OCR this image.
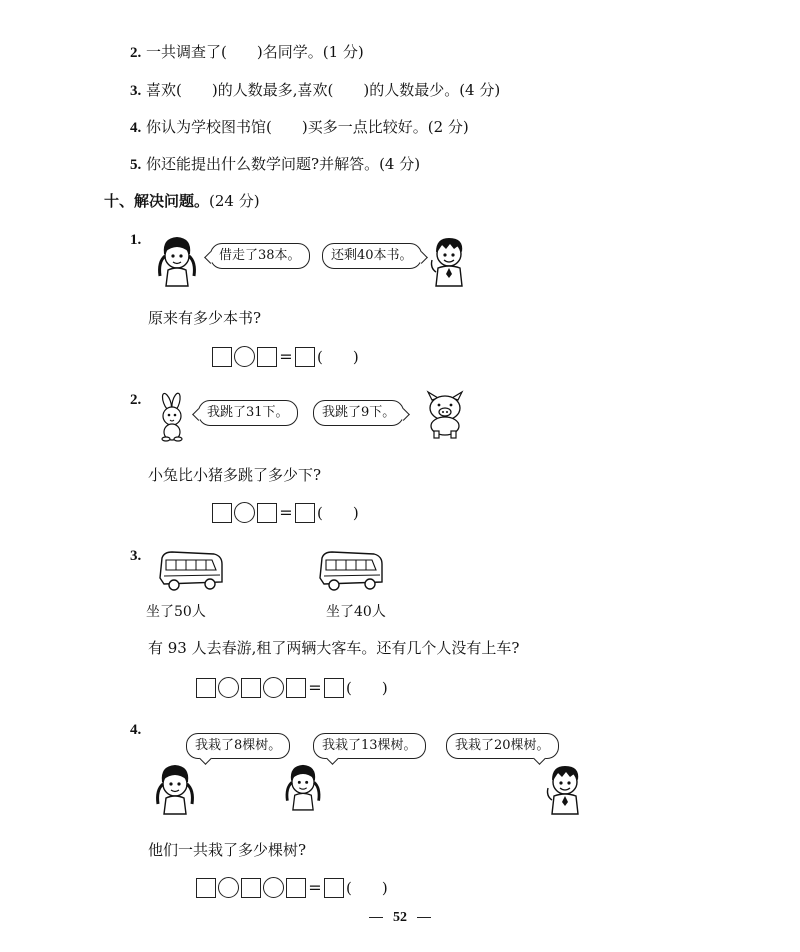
2. 一共调查了(　　)名同学。(1 分)
3. 喜欢(　　)的人数最多,喜欢(　　)的人数最少。(4 分)
4. 你认为学校图书馆(　　)买多一点比较好。(2 分)
5. 你还能提出什么数学问题?并解答。(4 分)
十、解决问题。(24 分)
1.
借走了38本。	还剩40本书。
原来有多少本书?
= (　　)
2.
我跳了31下。	我跳了9下。
小兔比小猪多跳了多少下?
= (　　)
3.
坐了50人	坐了40人
有 93 人去春游,租了两辆大客车。还有几个人没有上车?
= (　　)
4.
我栽了8棵树。	我栽了13棵树。	我栽了20棵树。
他们一共栽了多少棵树?
= (　　)
52
